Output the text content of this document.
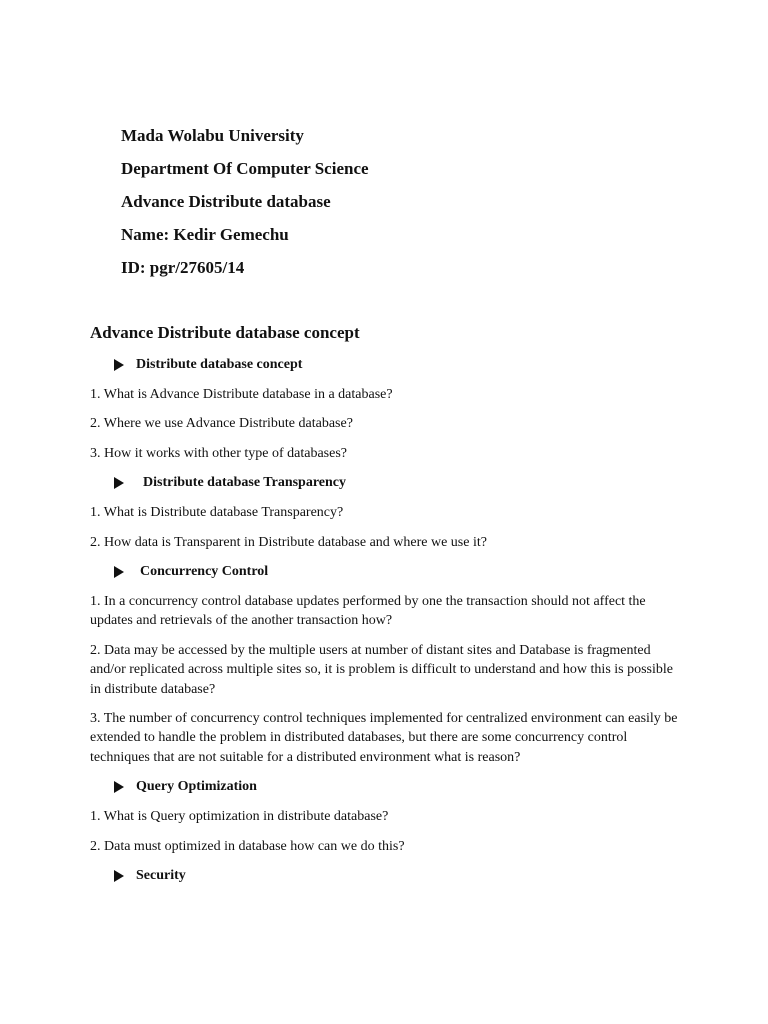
Mada Wolabu University
Department Of Computer Science
Advance Distribute database
Name: Kedir Gemechu
ID: pgr/27605/14
Advance Distribute database concept
Distribute database concept
1. What is Advance Distribute database in a database?
2. Where we use Advance Distribute database?
3. How it works with other type of databases?
Distribute database Transparency
1. What is Distribute database Transparency?
2. How data is Transparent in Distribute database and where we use it?
Concurrency Control
1. In a concurrency control database updates performed by one the transaction should not affect the updates and retrievals of the another transaction how?
2. Data may be accessed by the multiple users at number of distant sites and Database is fragmented and/or replicated across multiple sites so, it is problem is difficult to understand and how this is possible in distribute database?
3. The number of concurrency control techniques implemented for centralized environment can easily be extended to handle the problem in distributed databases, but there are some concurrency control techniques that are not suitable for a distributed environment what is reason?
Query Optimization
1. What is Query optimization in distribute database?
2. Data must optimized in database how can we do this?
Security
